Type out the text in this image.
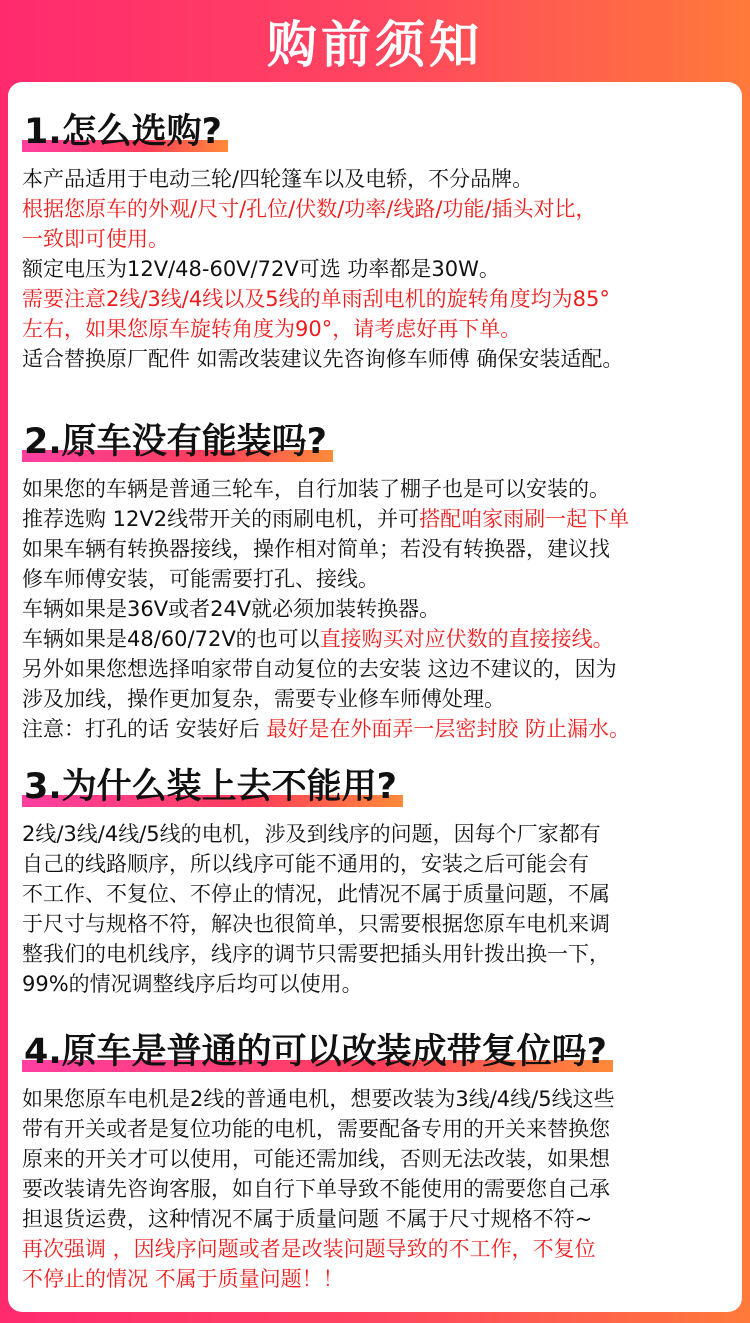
购前须知
1.怎么选购?
本产品适用于电动三轮/四轮篷车以及电轿，不分品牌。
根据您原车的外观/尺寸/孔位/伏数/功率/线路/功能/插头对比，
一致即可使用。
额定电压为12V/48-60V/72V可选 功率都是30W。
需要注意2线/3线/4线以及5线的单雨刮电机的旋转角度均为85°
左右，如果您原车旋转角度为90°，请考虑好再下单。
适合替换原厂配件 如需改装建议先咨询修车师傅 确保安装适配。
2.原车没有能装吗?
如果您的车辆是普通三轮车，自行加装了棚子也是可以安装的。
推荐选购 12V2线带开关的雨刷电机，并可搭配咱家雨刷一起下单
如果车辆有转换器接线，操作相对简单；若没有转换器，建议找
修车师傅安装，可能需要打孔、接线。
车辆如果是36V或者24V就必须加装转换器。
车辆如果是48/60/72V的也可以直接购买对应伏数的直接接线。
另外如果您想选择咱家带自动复位的去安装 这边不建议的，因为
涉及加线，操作更加复杂，需要专业修车师傅处理。
注意：打孔的话 安装好后 最好是在外面弄一层密封胶 防止漏水。
3.为什么装上去不能用?
2线/3线/4线/5线的电机，涉及到线序的问题，因每个厂家都有
自己的线路顺序，所以线序可能不通用的，安装之后可能会有
不工作、不复位、不停止的情况，此情况不属于质量问题，不属
于尺寸与规格不符，解决也很简单，只需要根据您原车电机来调
整我们的电机线序，线序的调节只需要把插头用针拨出换一下，
99%的情况调整线序后均可以使用。
4.原车是普通的可以改装成带复位吗?
如果您原车电机是2线的普通电机，想要改装为3线/4线/5线这些
带有开关或者是复位功能的电机，需要配备专用的开关来替换您
原来的开关才可以使用，可能还需加线，否则无法改装，如果想
要改装请先咨询客服，如自行下单导致不能使用的需要您自己承
担退货运费，这种情况不属于质量问题 不属于尺寸规格不符~
再次强调 ，因线序问题或者是改装问题导致的不工作，不复位
不停止的情况 不属于质量问题！！
